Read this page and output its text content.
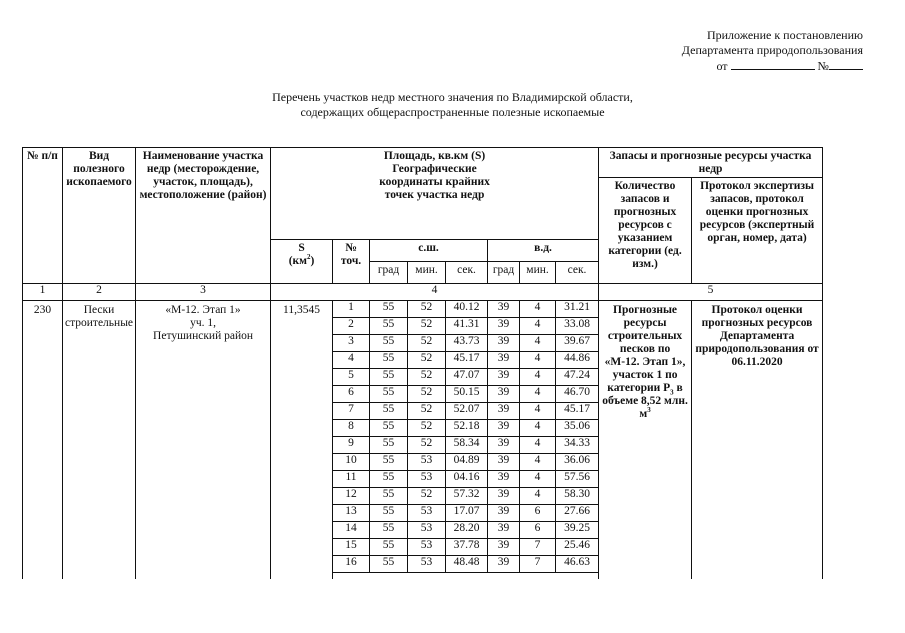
Приложение к постановлению
Департамента природопользования
от	№
Перечень участков недр местного значения по Владимирской области,
содержащих общераспространенные полезные ископаемые
№ п/п	Вид полезного ископаемого	Наименование участка недр (месторождение, участок, площадь), местоположение (район)	Площадь, кв.км (S) Географические координаты крайних точек участка недр								Запасы и прогнозные ресурсы участка недр	
											Количество запасов и прогнозных ресурсов с указанием категории (ед. изм.)	Протокол экспертизы запасов, протокол оценки прогнозных ресурсов (экспертный орган, номер, дата)
			S
$(км^2)$	№ точ.	с.ш.			в.д.				
					град	мин.	сек.	град	мин.	сек.		
1	2	3	4								5	
230	Пески строительные	«М-12. Этап 1»
уч. 1,
Петушинский район	11,3545	1	55	52	40.12	39	4	31.21	Прогнозные ресурсы строительных песков по «М-12. Этап 1», участок 1 по категории $Р_3$ в объеме 8,52 млн. $м^3$	Протокол оценки прогнозных ресурсов Департамента природопользования от 06.11.2020
				2	55	52	41.31	39	4	33.08		
				3	55	52	43.73	39	4	39.67		
				4	55	52	45.17	39	4	44.86		
				5	55	52	47.07	39	4	47.24		
				6	55	52	50.15	39	4	46.70		
				7	55	52	52.07	39	4	45.17		
				8	55	52	52.18	39	4	35.06		
				9	55	52	58.34	39	4	34.33		
				10	55	53	04.89	39	4	36.06		
				11	55	53	04.16	39	4	57.56		
				12	55	52	57.32	39	4	58.30		
				13	55	53	17.07	39	6	27.66		
				14	55	53	28.20	39	6	39.25		
				15	55	53	37.78	39	7	25.46		
				16	55	53	48.48	39	7	46.63		
